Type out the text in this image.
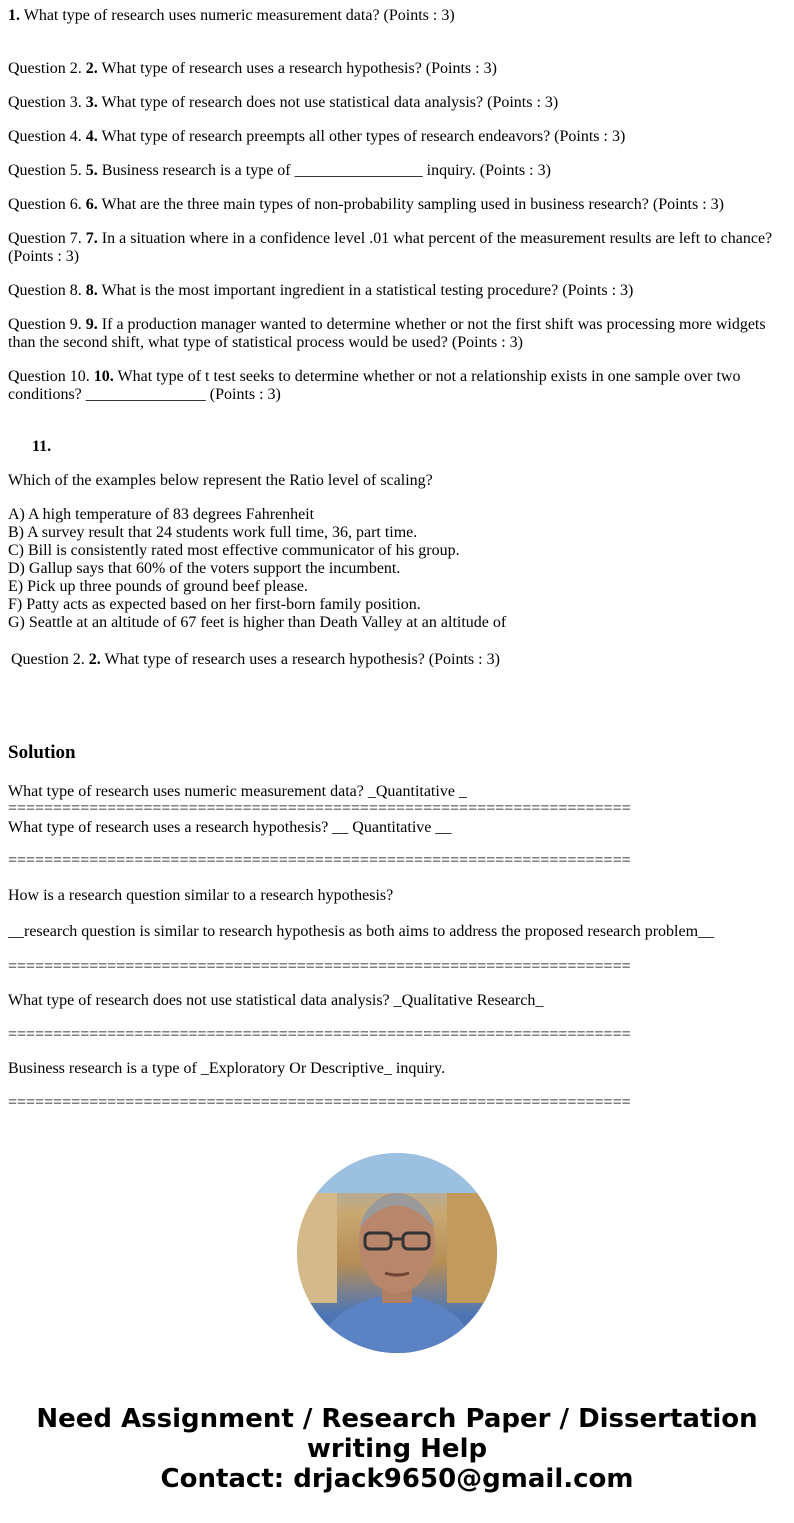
1. What type of research uses numeric measurement data? (Points : 3)
Question 2. 2. What type of research uses a research hypothesis? (Points : 3)
Question 3. 3. What type of research does not use statistical data analysis? (Points : 3)
Question 4. 4. What type of research preempts all other types of research endeavors? (Points : 3)
Question 5. 5. Business research is a type of ________________ inquiry. (Points : 3)
Question 6. 6. What are the three main types of non-probability sampling used in business research? (Points : 3)
Question 7. 7. In a situation where in a confidence level .01 what percent of the measurement results are left to chance? (Points : 3)
Question 8. 8. What is the most important ingredient in a statistical testing procedure? (Points : 3)
Question 9. 9. If a production manager wanted to determine whether or not the first shift was processing more widgets than the second shift, what type of statistical process would be used? (Points : 3)
Question 10. 10. What type of t test seeks to determine whether or not a relationship exists in one sample over two conditions? _______________ (Points : 3)
11.
Which of the examples below represent the Ratio level of scaling?
A) A high temperature of 83 degrees Fahrenheit
B) A survey result that 24 students work full time, 36, part time.
C) Bill is consistently rated most effective communicator of his group.
D) Gallup says that 60% of the voters support the incumbent.
E) Pick up three pounds of ground beef please.
F) Patty acts as expected based on her first-born family position.
G) Seattle at an altitude of 67 feet is higher than Death Valley at an altitude of
Question 2. 2. What type of research uses a research hypothesis? (Points : 3)
Solution
What type of research uses numeric measurement data? _Quantitative _
=====================================================================
What type of research uses a research hypothesis? __ Quantitative __
=====================================================================
How is a research question similar to a research hypothesis?
__research question is similar to research hypothesis as both aims to address the proposed research problem__
=====================================================================
What type of research does not use statistical data analysis? _Qualitative Research_
=====================================================================
Business research is a type of _Exploratory Or Descriptive_ inquiry.
=====================================================================
Need Assignment / Research Paper / Dissertation
writing Help
Contact: drjack9650@gmail.com
